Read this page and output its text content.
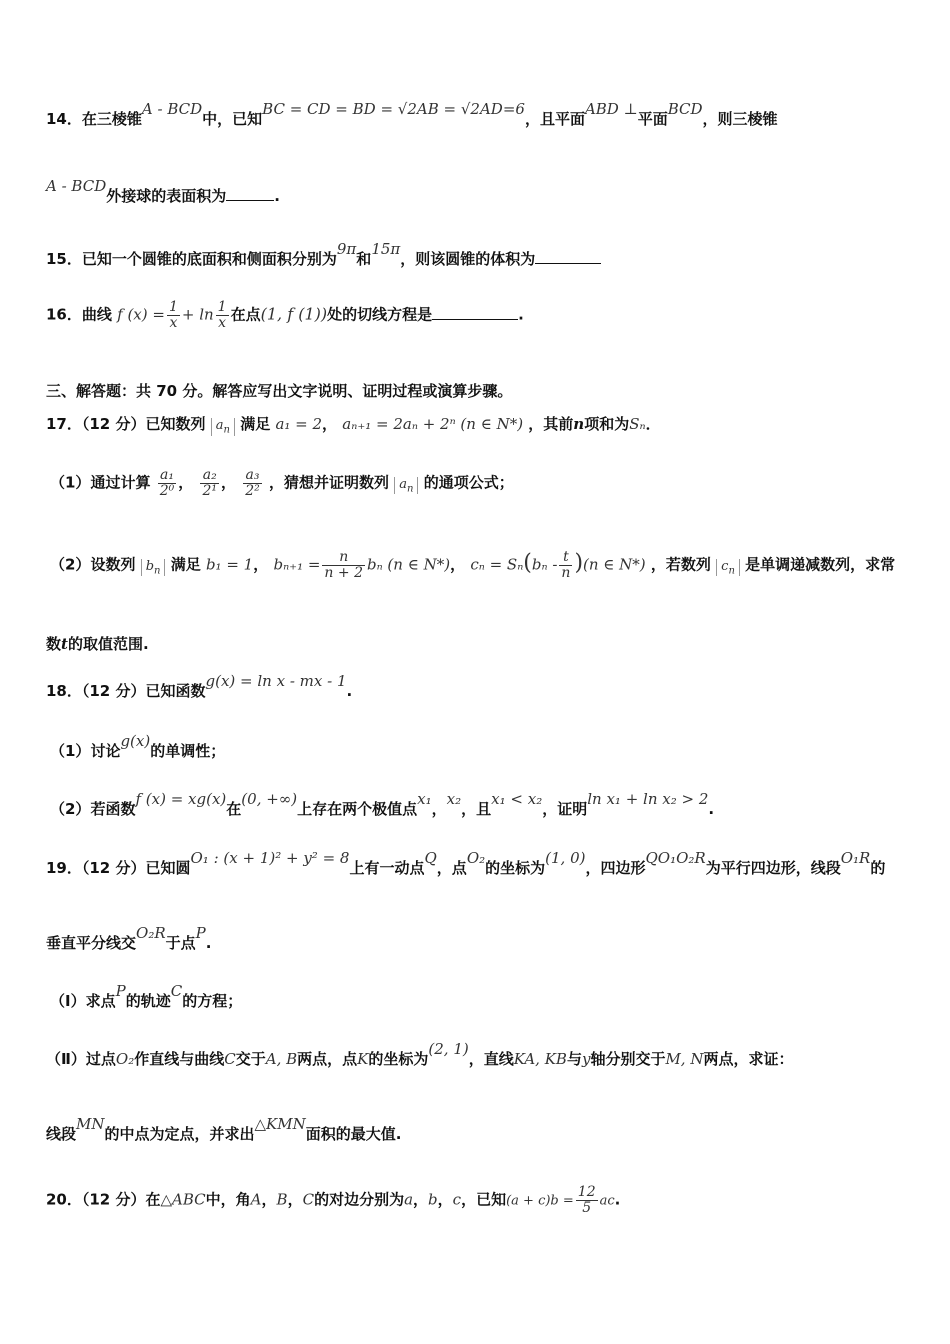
14．在三棱锥A - BCD中，已知BC = CD = BD = √2AB = √2AD=6，且平面ABD ⊥平面BCD，则三棱锥
A - BCD外接球的表面积为	.
15．已知一个圆锥的底面积和侧面积分别为9π和15π，则该圆锥的体积为
16．曲线 f $(x) = \frac{1}{x} + \ln \frac{1}{x}$ 在点(1, f (1))处的切线方程是	.
三、解答题：共 70 分。解答应写出文字说明、证明过程或演算步骤。
17．（12 分）已知数列 $a_n$ 满足 a₁ = 2， aₙ₊₁ = 2aₙ + 2ⁿ (n ∈ N*) ，其前n项和为Sₙ．
（1）通过计算 $\frac{\text{a₁}}{\text{2⁰}}$ ， $\frac{\text{a₂}}{\text{2¹}}$ ， $\frac{\text{a₃}}{\text{2²}}$ ，猜想并证明数列 $a_n$ 的通项公式；
（2）设数列 $b_n$ 满足 b₁ = 1， $b_{n+1} = \frac{n}{n + 2}$ bₙ (n ∈ N*)， $c_n = S_n(b_n - \frac{t}{n} )(n$ ∈ N*) ，若数列 $c_n$ 是单调递减数列，求常
数t的取值范围.
18．（12 分）已知函数g(x) = ln x - mx - 1.
（1）讨论g(x)的单调性；
（2）若函数f (x) = xg(x)在(0, +∞)上存在两个极值点x₁，x₂，且x₁ < x₂，证明ln x₁ + ln x₂ > 2.
19．（12 分）已知圆O₁ : (x + 1)² + y² = 8上有一动点Q，点O₂的坐标为(1, 0)，四边形QO₁O₂R为平行四边形，线段O₁R的
垂直平分线交O₂R于点P.
（Ⅰ）求点P的轨迹C的方程；
（Ⅱ）过点O₂作直线与曲线C交于A, B两点，点K的坐标为(2, 1)，直线KA, KB与y轴分别交于M, N两点，求证：
线段MN的中点为定点，并求出△KMN面积的最大值.
20．（12 分）在△ABC中，角A，B，C的对边分别为a，b，c，已知$(a + c)b = \frac{12}{5}$ ac.
